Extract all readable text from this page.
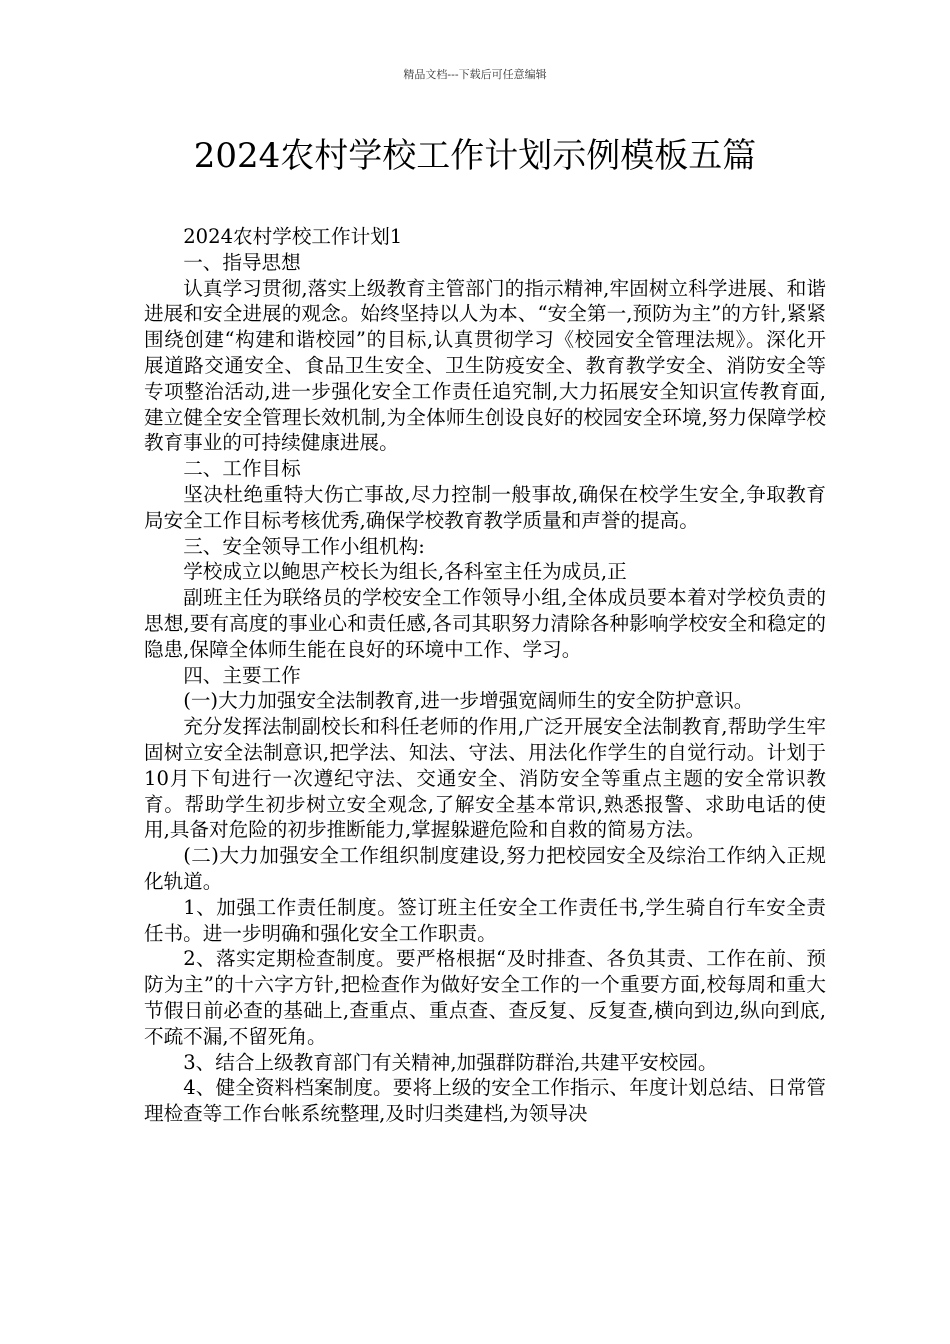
精品文档---下载后可任意编辑
2024农村学校工作计划示例模板五篇

2024农村学校工作计划1

一、指导思想

认真学习贯彻,落实上级教育主管部门的指示精神,牢固树立科学进展、和谐进展和安全进展的观念。始终坚持以人为本、“安全第一,预防为主”的方针,紧紧围绕创建“构建和谐校园”的目标,认真贯彻学习《校园安全管理法规》。深化开展道路交通安全、食品卫生安全、卫生防疫安全、教育教学安全、消防安全等专项整治活动,进一步强化安全工作责任追究制,大力拓展安全知识宣传教育面,建立健全安全管理长效机制,为全体师生创设良好的校园安全环境,努力保障学校教育事业的可持续健康进展。

二、工作目标

坚决杜绝重特大伤亡事故,尽力控制一般事故,确保在校学生安全,争取教育局安全工作目标考核优秀,确保学校教育教学质量和声誉的提高。

三、安全领导工作小组机构:

学校成立以鲍思产校长为组长,各科室主任为成员,正

副班主任为联络员的学校安全工作领导小组,全体成员要本着对学校负责的思想,要有高度的事业心和责任感,各司其职努力清除各种影响学校安全和稳定的隐患,保障全体师生能在良好的环境中工作、学习。

四、主要工作

(一)大力加强安全法制教育,进一步增强宽阔师生的安全防护意识。

充分发挥法制副校长和科任老师的作用,广泛开展安全法制教育,帮助学生牢固树立安全法制意识,把学法、知法、守法、用法化作学生的自觉行动。计划于10月下旬进行一次遵纪守法、交通安全、消防安全等重点主题的安全常识教育。帮助学生初步树立安全观念,了解安全基本常识,熟悉报警、求助电话的使用,具备对危险的初步推断能力,掌握躲避危险和自救的简易方法。

(二)大力加强安全工作组织制度建设,努力把校园安全及综治工作纳入正规化轨道。

1、加强工作责任制度。签订班主任安全工作责任书,学生骑自行车安全责任书。进一步明确和强化安全工作职责。

2、落实定期检查制度。要严格根据“及时排查、各负其责、工作在前、预防为主”的十六字方针,把检查作为做好安全工作的一个重要方面,校每周和重大节假日前必查的基础上,查重点、重点查、查反复、反复查,横向到边,纵向到底,不疏不漏,不留死角。

3、结合上级教育部门有关精神,加强群防群治,共建平安校园。

4、健全资料档案制度。要将上级的安全工作指示、年度计划总结、日常管理检查等工作台帐系统整理,及时归类建档,为领导决
